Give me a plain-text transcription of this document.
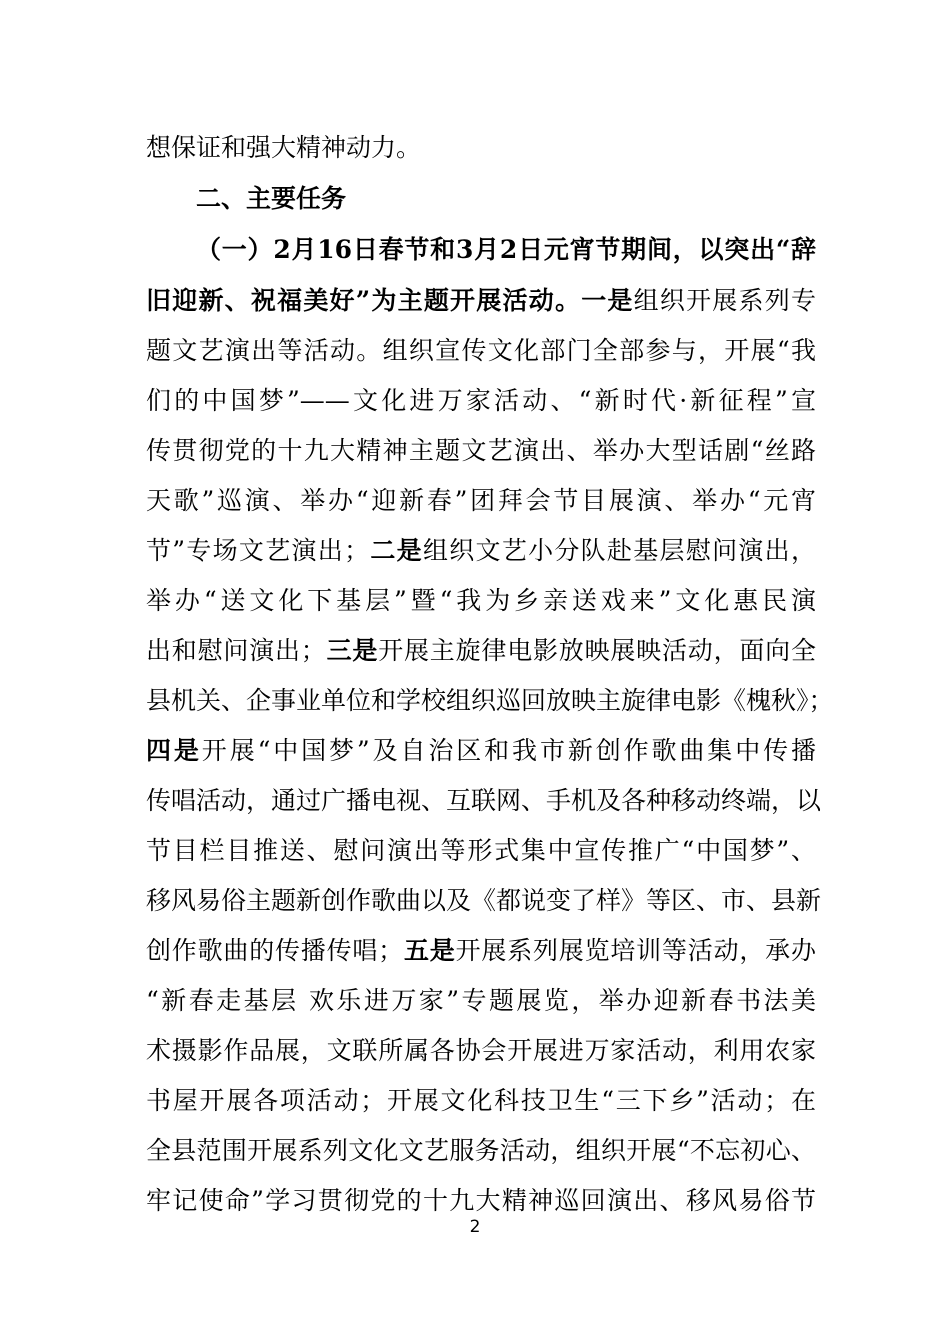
想保证和强大精神动力。
二、主要任务
（一）2月16日春节和3月2日元宵节期间，以突出“辞
旧迎新、祝福美好”为主题开展活动。一是组织开展系列专
题文艺演出等活动。组织宣传文化部门全部参与，开展“我
们的中国梦”——文化进万家活动、“新时代·新征程”宣
传贯彻党的十九大精神主题文艺演出、举办大型话剧“丝路
天歌”巡演、举办“迎新春”团拜会节目展演、举办“元宵
节”专场文艺演出；二是组织文艺小分队赴基层慰问演出，
举办“送文化下基层”暨“我为乡亲送戏来”文化惠民演
出和慰问演出；三是开展主旋律电影放映展映活动，面向全
县机关、企事业单位和学校组织巡回放映主旋律电影《槐秋》；
四是开展“中国梦”及自治区和我市新创作歌曲集中传播
传唱活动，通过广播电视、互联网、手机及各种移动终端，以
节目栏目推送、慰问演出等形式集中宣传推广“中国梦”、
移风易俗主题新创作歌曲以及《都说变了样》等区、市、县新
创作歌曲的传播传唱；五是开展系列展览培训等活动，承办
“新春走基层 欢乐进万家”专题展览，举办迎新春书法美
术摄影作品展，文联所属各协会开展进万家活动，利用农家
书屋开展各项活动；开展文化科技卫生“三下乡”活动；在
全县范围开展系列文化文艺服务活动，组织开展“不忘初心、
牢记使命”学习贯彻党的十九大精神巡回演出、移风易俗节
2
